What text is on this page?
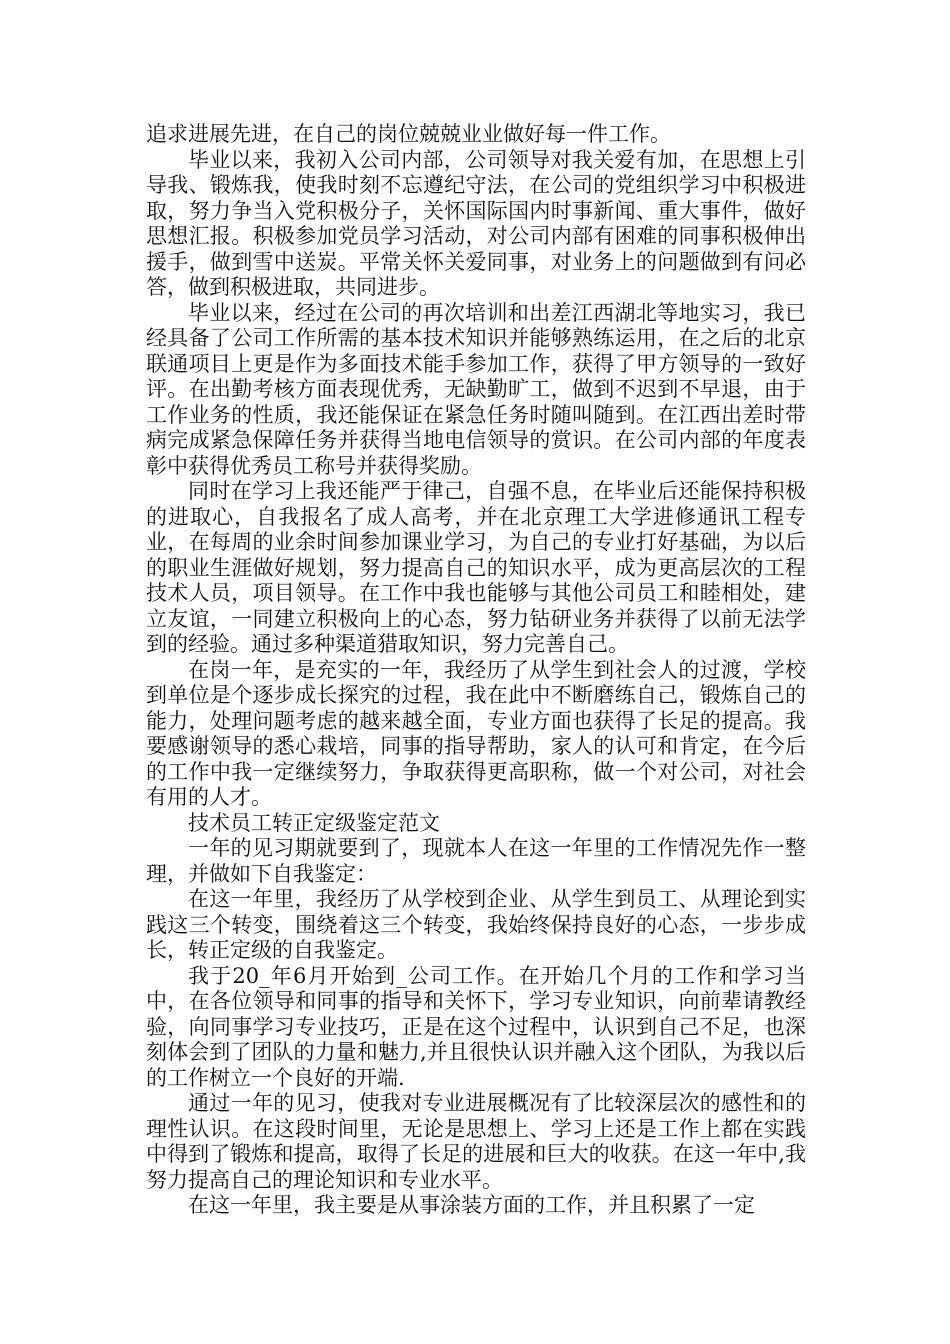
追求进展先进，在自己的岗位兢兢业业做好每一件工作。

毕业以来，我初入公司内部，公司领导对我关爱有加，在思想上引导我、锻炼我，使我时刻不忘遵纪守法，在公司的党组织学习中积极进取，努力争当入党积极分子，关怀国际国内时事新闻、重大事件，做好思想汇报。积极参加党员学习活动，对公司内部有困难的同事积极伸出援手，做到雪中送炭。平常关怀关爱同事，对业务上的问题做到有问必答，做到积极进取，共同进步。

毕业以来，经过在公司的再次培训和出差江西湖北等地实习，我已经具备了公司工作所需的基本技术知识并能够熟练运用，在之后的北京联通项目上更是作为多面技术能手参加工作，获得了甲方领导的一致好评。在出勤考核方面表现优秀，无缺勤旷工，做到不迟到不早退，由于工作业务的性质，我还能保证在紧急任务时随叫随到。在江西出差时带病完成紧急保障任务并获得当地电信领导的赏识。在公司内部的年度表彰中获得优秀员工称号并获得奖励。

同时在学习上我还能严于律己，自强不息，在毕业后还能保持积极的进取心，自我报名了成人高考，并在北京理工大学进修通讯工程专业，在每周的业余时间参加课业学习，为自己的专业打好基础，为以后的职业生涯做好规划，努力提高自己的知识水平，成为更高层次的工程技术人员，项目领导。在工作中我也能够与其他公司员工和睦相处，建立友谊，一同建立积极向上的心态，努力钻研业务并获得了以前无法学到的经验。通过多种渠道猎取知识，努力完善自己。

在岗一年，是充实的一年，我经历了从学生到社会人的过渡，学校到单位是个逐步成长探究的过程，我在此中不断磨练自己，锻炼自己的能力，处理问题考虑的越来越全面，专业方面也获得了长足的提高。我要感谢领导的悉心栽培，同事的指导帮助，家人的认可和肯定，在今后的工作中我一定继续努力，争取获得更高职称，做一个对公司，对社会有用的人才。

技术员工转正定级鉴定范文

一年的见习期就要到了，现就本人在这一年里的工作情况先作一整理，并做如下自我鉴定：

在这一年里，我经历了从学校到企业、从学生到员工、从理论到实践这三个转变，围绕着这三个转变，我始终保持良好的心态，一步步成长，转正定级的自我鉴定。

我于20_年6月开始到_公司工作。在开始几个月的工作和学习当中，在各位领导和同事的指导和关怀下，学习专业知识，向前辈请教经验，向同事学习专业技巧，正是在这个过程中，认识到自己不足，也深刻体会到了团队的力量和魅力,并且很快认识并融入这个团队，为我以后的工作树立一个良好的开端.

通过一年的见习，使我对专业进展概况有了比较深层次的感性和的理性认识。在这段时间里，无论是思想上、学习上还是工作上都在实践中得到了锻炼和提高，取得了长足的进展和巨大的收获。在这一年中,我努力提高自己的理论知识和专业水平。

在这一年里，我主要是从事涂装方面的工作，并且积累了一定
